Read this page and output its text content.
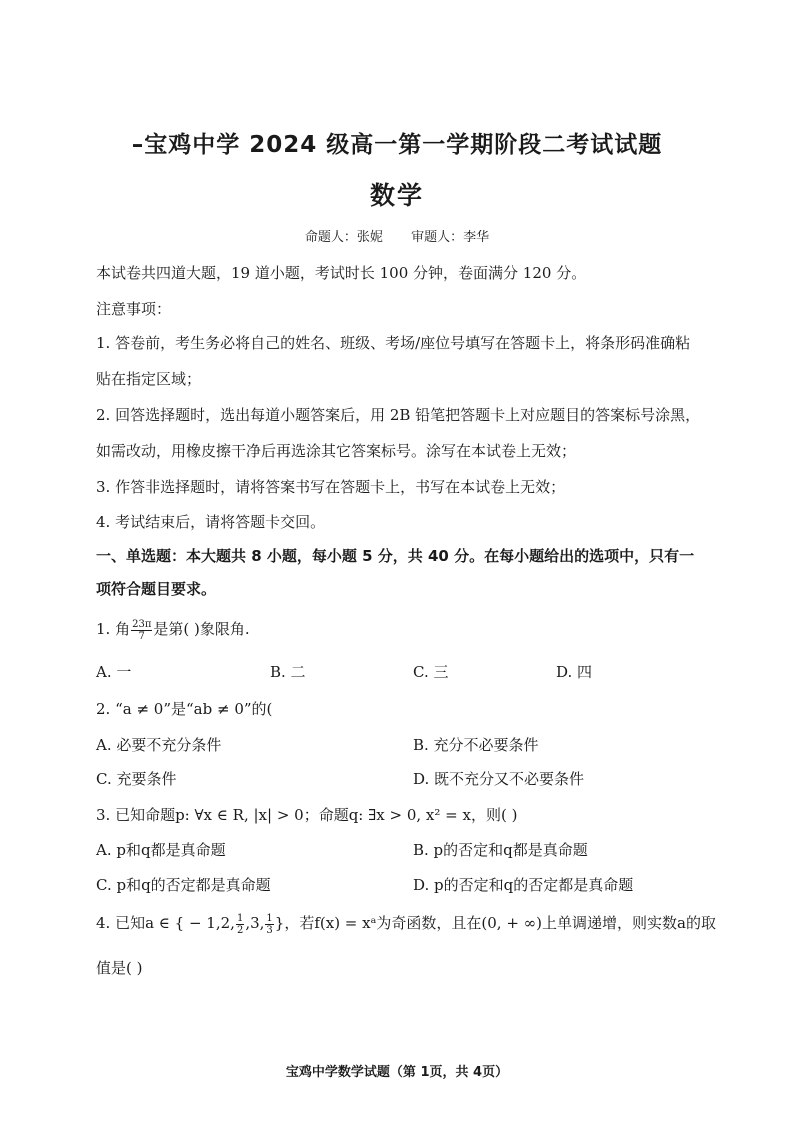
–宝鸡中学 2024 级高一第一学期阶段二考试试题
数学
命题人：张妮 审题人：李华
本试卷共四道大题，19 道小题，考试时长 100 分钟，卷面满分 120 分。
注意事项：
1. 答卷前，考生务必将自己的姓名、班级、考场/座位号填写在答题卡上，将条形码准确粘
贴在指定区域；
2. 回答选择题时，选出每道小题答案后，用 2B 铅笔把答题卡上对应题目的答案标号涂黑，
如需改动，用橡皮擦干净后再选涂其它答案标号。涂写在本试卷上无效；
3. 作答非选择题时，请将答案书写在答题卡上，书写在本试卷上无效；
4. 考试结束后，请将答题卡交回。
一、单选题：本大题共 8 小题，每小题 5 分，共 40 分。在每小题给出的选项中，只有一
项符合题目要求。
1. 角 $\frac{23\pi}{7}$ 是第( )象限角.
A. 一	B. 二	C. 三	D. 四
2. “a ≠ 0”是“ab ≠ 0”的(
A. 必要不充分条件	B. 充分不必要条件
C. 充要条件	D. 既不充分又不必要条件
3. 已知命题p: ∀x ∈ R, |x| > 0；命题q: ∃x > 0, x² = x，则( )
A. p和q都是真命题	B. p的否定和q都是真命题
C. p和q的否定都是真命题	D. p的否定和q的否定都是真命题
4. 已知a ∈ { − 1,2, $\frac{1}{2} ,3$, $\frac{1}{3}$ }，若f(x) = xᵃ为奇函数，且在(0, + ∞)上单调递增，则实数a的取
值是( )
宝鸡中学数学试题（第 1页，共 4页）
